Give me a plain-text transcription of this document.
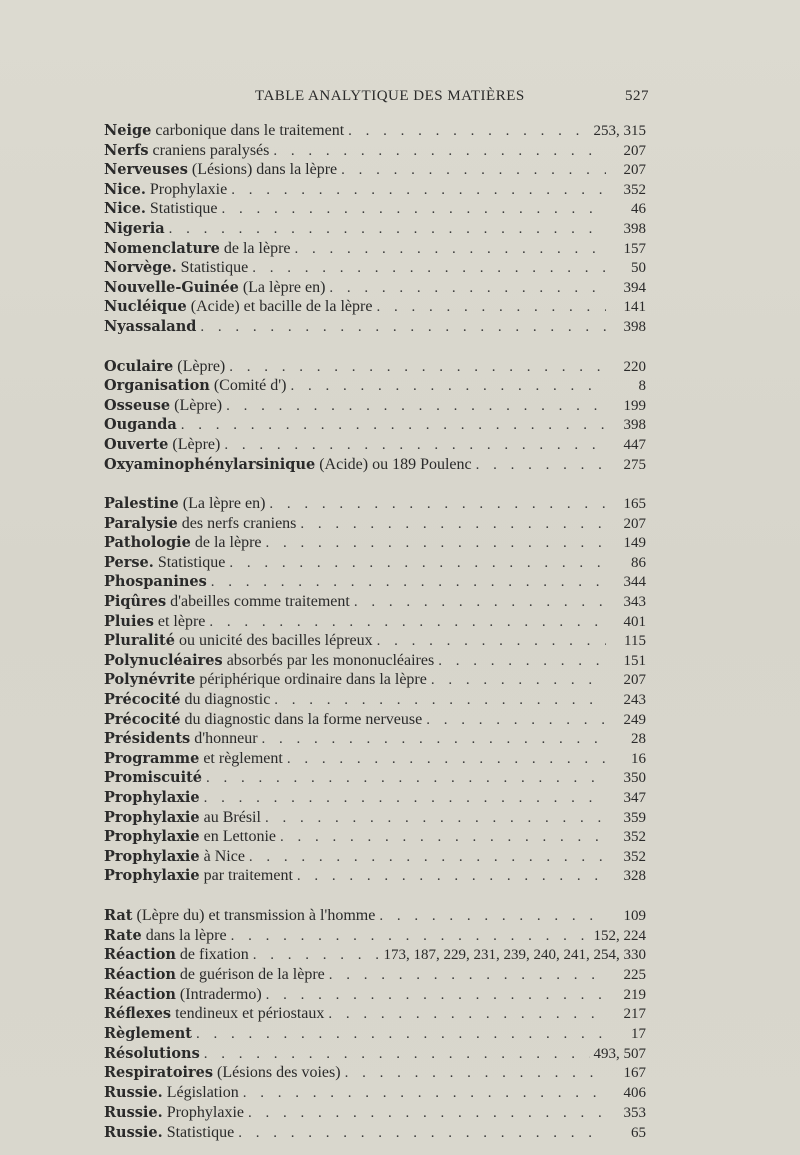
TABLE ANALYTIQUE DES MATIÈRES	527
Neige carbonique dans le traitement . . .	253, 315
Nerfs craniens paralysés . . .	207
Nerveuses (Lésions) dans la lèpre . . .	207
Nice. Prophylaxie . . .	352
Nice. Statistique . . .	46
Nigeria . . .	398
Nomenclature de la lèpre . . .	157
Norvège. Statistique . . .	50
Nouvelle-Guinée (La lèpre en) . . .	394
Nucléique (Acide) et bacille de la lèpre . . .	141
Nyassaland . . .	398
Oculaire (Lèpre) . . .	220
Organisation (Comité d') . . .	8
Osseuse (Lèpre) . . .	199
Ouganda . . .	398
Ouverte (Lèpre) . . .	447
Oxyaminophénylarsinique (Acide) ou 189 Poulenc . . .	275
Palestine (La lèpre en) . . .	165
Paralysie des nerfs craniens . . .	207
Pathologie de la lèpre . . .	149
Perse. Statistique . . .	86
Phospanines . . .	344
Piqûres d'abeilles comme traitement . . .	343
Pluies et lèpre . . .	401
Pluralité ou unicité des bacilles lépreux . . .	115
Polynucléaires absorbés par les mononucléaires . . .	151
Polynévrite périphérique ordinaire dans la lèpre . . .	207
Précocité du diagnostic . . .	243
Précocité du diagnostic dans la forme nerveuse . . .	249
Présidents d'honneur . . .	28
Programme et règlement . . .	16
Promiscuité . . .	350
Prophylaxie . . .	347
Prophylaxie au Brésil . . .	359
Prophylaxie en Lettonie . . .	352
Prophylaxie à Nice . . .	352
Prophylaxie par traitement . . .	328
Rat (Lèpre du) et transmission à l'homme . . .	109
Rate dans la lèpre . . .	152, 224
Réaction de fixation . . .	173, 187, 229, 231, 239, 240, 241, 254, 330
Réaction de guérison de la lèpre . . .	225
Réaction (Intradermo) . . .	219
Réflexes tendineux et périostaux . . .	217
Règlement . . .	17
Résolutions . . .	493, 507
Respiratoires (Lésions des voies) . . .	167
Russie. Législation . . .	406
Russie. Prophylaxie . . .	353
Russie. Statistique . . .	65
